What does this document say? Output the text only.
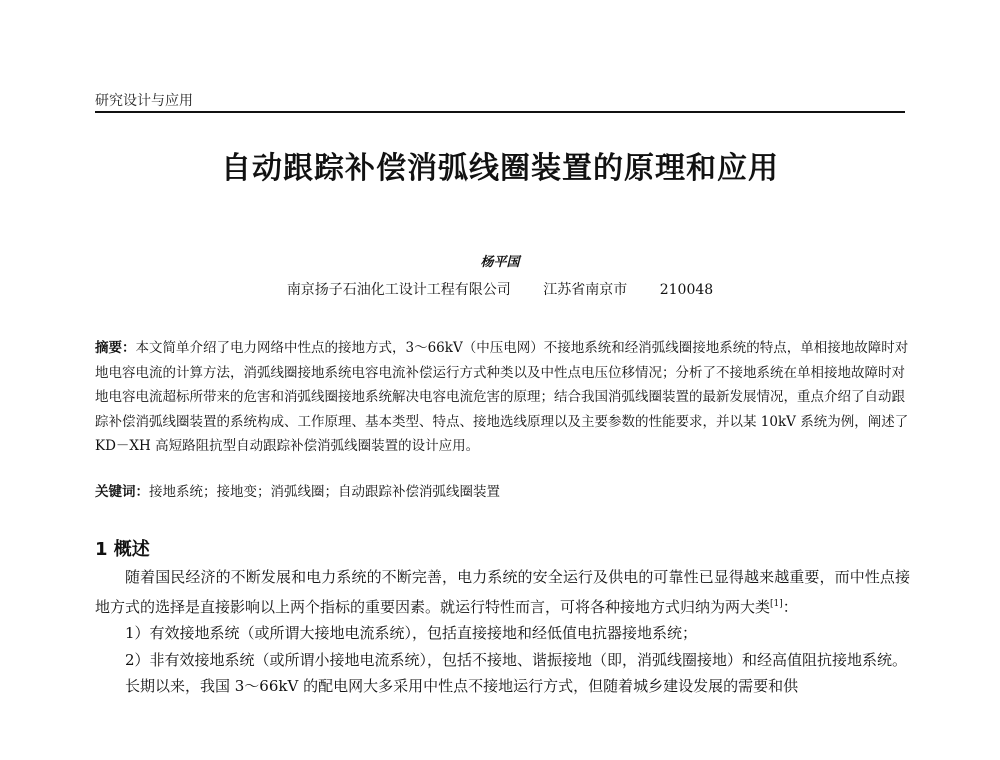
研究设计与应用
自动跟踪补偿消弧线圈装置的原理和应用
杨平国
南京扬子石油化工设计工程有限公司 江苏省南京市 210048
摘要：本文简单介绍了电力网络中性点的接地方式，3～66kV（中压电网）不接地系统和经消弧线圈接地系统的特点，单相接地故障时对地电容电流的计算方法，消弧线圈接地系统电容电流补偿运行方式种类以及中性点电压位移情况；分析了不接地系统在单相接地故障时对地电容电流超标所带来的危害和消弧线圈接地系统解决电容电流危害的原理；结合我国消弧线圈装置的最新发展情况，重点介绍了自动跟踪补偿消弧线圈装置的系统构成、工作原理、基本类型、特点、接地选线原理以及主要参数的性能要求，并以某 10kV 系统为例，阐述了 KD－XH 高短路阻抗型自动跟踪补偿消弧线圈装置的设计应用。
关键词：接地系统；接地变；消弧线圈；自动跟踪补偿消弧线圈装置
1 概述

随着国民经济的不断发展和电力系统的不断完善，电力系统的安全运行及供电的可靠性已显得越来越重要，而中性点接地方式的选择是直接影响以上两个指标的重要因素。就运行特性而言，可将各种接地方式归纳为两大类[1]：

1）有效接地系统（或所谓大接地电流系统），包括直接接地和经低值电抗器接地系统；

2）非有效接地系统（或所谓小接地电流系统），包括不接地、谐振接地（即，消弧线圈接地）和经高值阻抗接地系统。

长期以来，我国 3～66kV 的配电网大多采用中性点不接地运行方式，但随着城乡建设发展的需要和供
